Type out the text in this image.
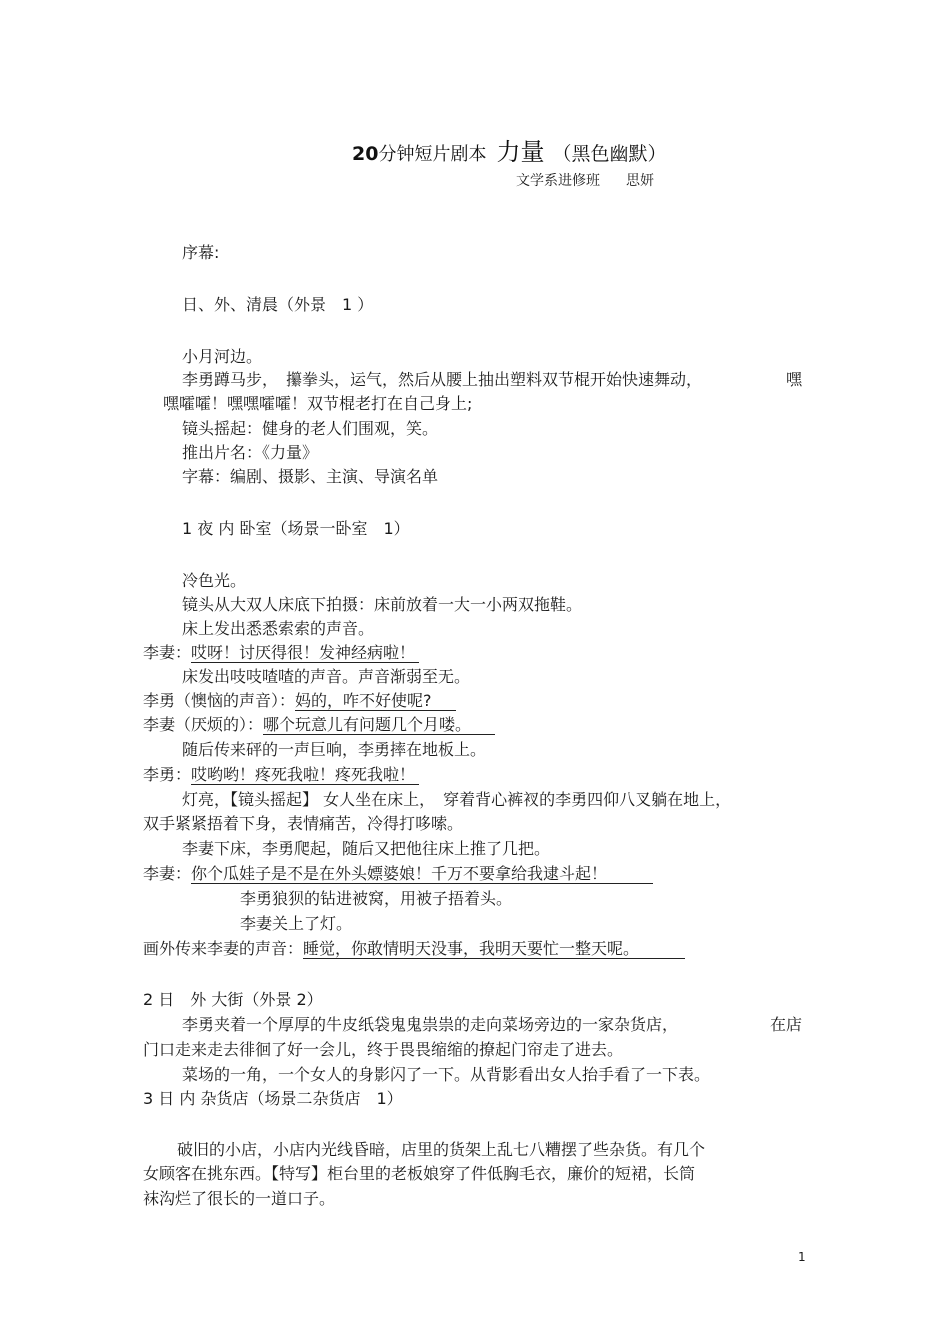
20分钟短片剧本 力量 （黑色幽默）
文学系进修班 思妍
序幕:
日、外、清晨（外景　1 ）
小月河边。
李勇蹲马步，　攥拳头，运气，然后从腰上抽出塑料双节棍开始快速舞动，	嘿
嘿嚯嚯！嘿嘿嚯嚯！双节棍老打在自己身上;
镜头摇起：健身的老人们围观，笑。
推出片名：《力量》
字幕：编剧、摄影、主演、导演名单
1 夜 内 卧室（场景一卧室　1）
冷色光。
镜头从大双人床底下拍摄：床前放着一大一小两双拖鞋。
床上发出悉悉索索的声音。
李妻：哎呀！讨厌得很！发神经病啦！
床发出吱吱喳喳的声音。声音渐弱至无。
李勇（懊恼的声音）：妈的，咋不好使呢?
李妻（厌烦的）：哪个玩意儿有问题几个月喽。
随后传来砰的一声巨响，李勇摔在地板上。
李勇：哎哟哟！疼死我啦！疼死我啦！
灯亮，【镜头摇起】 女人坐在床上，　穿着背心裤衩的李勇四仰八叉躺在地上，
双手紧紧捂着下身，表情痛苦，冷得打哆嗦。
李妻下床，李勇爬起，随后又把他往床上推了几把。
李妻：你个瓜娃子是不是在外头嫖婆娘！千万不要拿给我逮斗起！
李勇狼狈的钻进被窝，用被子捂着头。
李妻关上了灯。
画外传来李妻的声音：睡觉，你敢情明天没事，我明天要忙一整天呢。
2 日　外 大街（外景 2）
李勇夹着一个厚厚的牛皮纸袋鬼鬼祟祟的走向菜场旁边的一家杂货店，	在店
门口走来走去徘徊了好一会儿，终于畏畏缩缩的撩起门帘走了进去。
菜场的一角，一个女人的身影闪了一下。从背影看出女人抬手看了一下表。
3 日 内 杂货店（场景二杂货店　1）
破旧的小店，小店内光线昏暗，店里的货架上乱七八糟摆了些杂货。有几个
女顾客在挑东西。【特写】柜台里的老板娘穿了件低胸毛衣，廉价的短裙，长筒
袜沟烂了很长的一道口子。
1
